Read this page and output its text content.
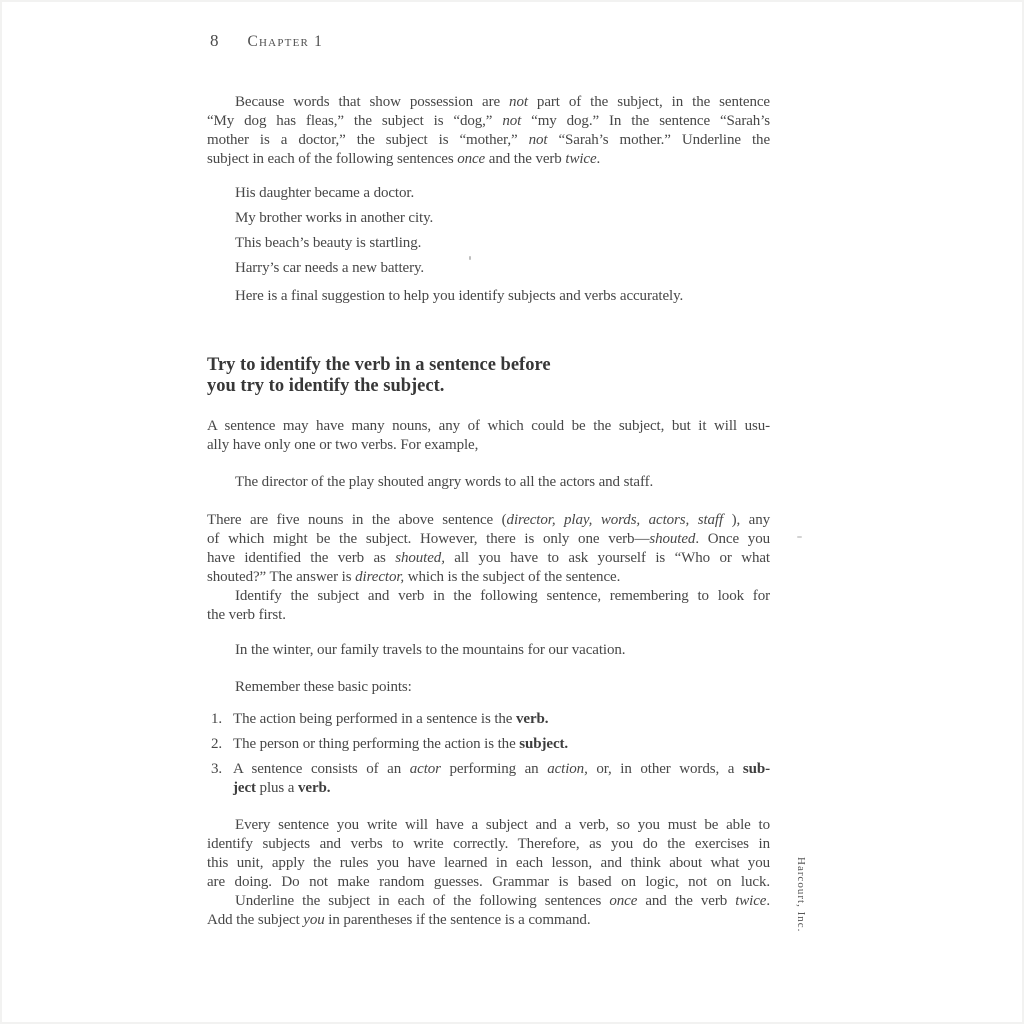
8 Chapter 1
Because words that show possession are not part of the subject, in the sentence
“My dog has fleas,” the subject is “dog,” not “my dog.” In the sentence “Sarah’s
mother is a doctor,” the subject is “mother,” not “Sarah’s mother.” Underline the
subject in each of the following sentences once and the verb twice.
His daughter became a doctor.
My brother works in another city.
This beach’s beauty is startling.
Harry’s car needs a new battery.
Here is a final suggestion to help you identify subjects and verbs accurately.
Try to identify the verb in a sentence before
you try to identify the subject.
A sentence may have many nouns, any of which could be the subject, but it will usu-
ally have only one or two verbs. For example,
The director of the play shouted angry words to all the actors and staff.
There are five nouns in the above sentence (director, play, words, actors, staff ), any
of which might be the subject. However, there is only one verb—shouted. Once you
have identified the verb as shouted, all you have to ask yourself is “Who or what
shouted?” The answer is director, which is the subject of the sentence.
Identify the subject and verb in the following sentence, remembering to look for
the verb first.
In the winter, our family travels to the mountains for our vacation.
Remember these basic points:
1. The action being performed in a sentence is the verb.
2. The person or thing performing the action is the subject.
3. A sentence consists of an actor performing an action, or, in other words, a sub-
ject plus a verb.
Every sentence you write will have a subject and a verb, so you must be able to
identify subjects and verbs to write correctly. Therefore, as you do the exercises in
this unit, apply the rules you have learned in each lesson, and think about what you
are doing. Do not make random guesses. Grammar is based on logic, not on luck.
Underline the subject in each of the following sentences once and the verb twice.
Add the subject you in parentheses if the sentence is a command.	Harcourt, Inc.
